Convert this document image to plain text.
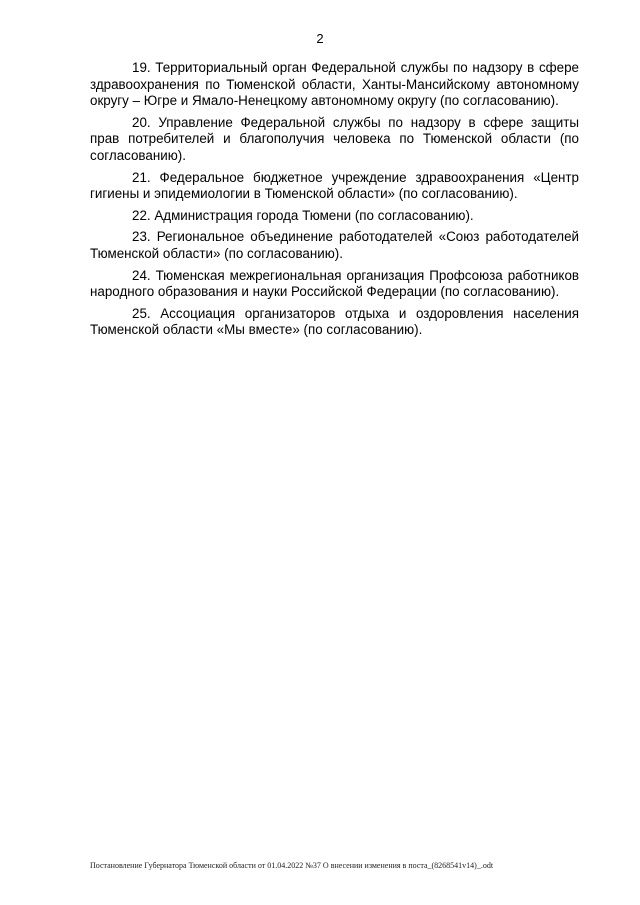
2

19. Территориальный орган Федеральной службы по надзору в сфере здравоохранения по Тюменской области, Ханты-Мансийскому автономному округу – Югре и Ямало-Ненецкому автономному округу (по согласованию).

20. Управление Федеральной службы по надзору в сфере защиты прав потребителей и благополучия человека по Тюменской области (по согласованию).

21. Федеральное бюджетное учреждение здравоохранения «Центр гигиены и эпидемиологии в Тюменской области» (по согласованию).

22. Администрация города Тюмени (по согласованию).

23. Региональное объединение работодателей «Союз работодателей Тюменской области» (по согласованию).

24. Тюменская межрегиональная организация Профсоюза работников народного образования и науки Российской Федерации (по согласованию).

25. Ассоциация организаторов отдыха и оздоровления населения Тюменской области «Мы вместе» (по согласованию).

Постановление Губернатора Тюменской области от 01.04.2022 №37 О внесении изменения в поста_(8268541v14)_.odt
